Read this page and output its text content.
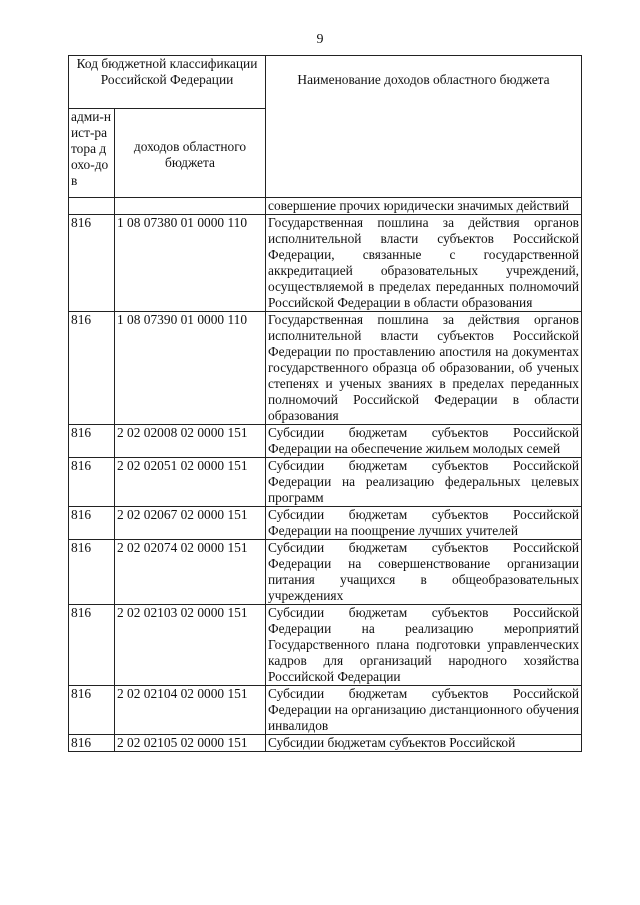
9
Код бюджетной классификации Российской Федерации		Наименование доходов областного бюджета
адми-нист-ратора дохо-дов	доходов областного бюджета	
		совершение прочих юридически значимых действий
816	1 08 07380 01 0000 110	Государственная пошлина за действия органов исполнительной власти субъектов Российской Федерации, связанные с государственной аккредитацией образовательных учреждений, осуществляемой в пределах переданных полномочий Российской Федерации в области образования
816	1 08 07390 01 0000 110	Государственная пошлина за действия органов исполнительной власти субъектов Российской Федерации по проставлению апостиля на документах государственного образца об образовании, об ученых степенях и ученых званиях в пределах переданных полномочий Российской Федерации в области образования
816	2 02 02008 02 0000 151	Субсидии бюджетам субъектов Российской Федерации на обеспечение жильем молодых семей
816	2 02 02051 02 0000 151	Субсидии бюджетам субъектов Российской Федерации на реализацию федеральных целевых программ
816	2 02 02067 02 0000 151	Субсидии бюджетам субъектов Российской Федерации на поощрение лучших учителей
816	2 02 02074 02 0000 151	Субсидии бюджетам субъектов Российской Федерации на совершенствование организации питания учащихся в общеобразовательных учреждениях
816	2 02 02103 02 0000 151	Субсидии бюджетам субъектов Российской Федерации на реализацию мероприятий Государственного плана подготовки управленческих кадров для организаций народного хозяйства Российской Федерации
816	2 02 02104 02 0000 151	Субсидии бюджетам субъектов Российской Федерации на организацию дистанционного обучения инвалидов
816	2 02 02105 02 0000 151	Субсидии бюджетам субъектов Российской
